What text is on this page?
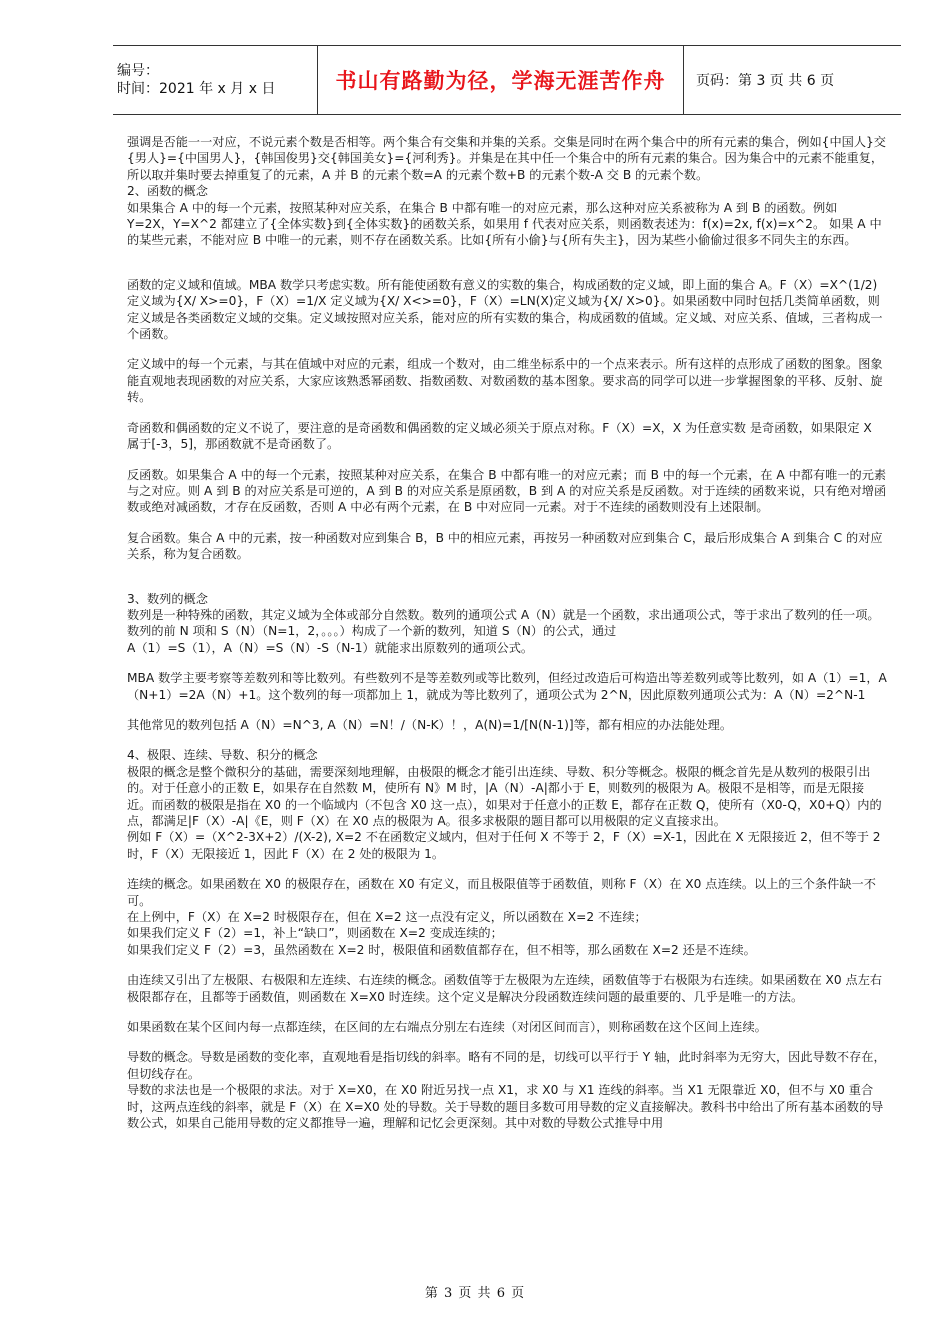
编号：
时间：2021 年 x 月 x 日	书山有路勤为径，学海无涯苦作舟	页码：第 3 页 共 6 页

强调是否能一一对应，不说元素个数是否相等。两个集合有交集和并集的关系。交集是同时在两个集合中的所有元素的集合，例如{中国人}交{男人}={中国男人}，{韩国俊男}交{韩国美女}={河利秀}。并集是在其中任一个集合中的所有元素的集合。因为集合中的元素不能重复，所以取并集时要去掉重复了的元素，A 并 B 的元素个数=A 的元素个数+B 的元素个数-A 交 B 的元素个数。

2、函数的概念

如果集合 A 中的每一个元素，按照某种对应关系，在集合 B 中都有唯一的对应元素，那么这种对应关系被称为 A 到 B 的函数。例如 Y=2X，Y=X^2 都建立了{全体实数}到{全体实数}的函数关系，如果用 f 代表对应关系，则函数表述为：f(x)=2x, f(x)=x^2。 如果 A 中的某些元素，不能对应 B 中唯一的元素，则不存在函数关系。比如{所有小偷}与{所有失主}，因为某些小偷偷过很多不同失主的东西。

函数的定义域和值域。MBA 数学只考虑实数。所有能使函数有意义的实数的集合，构成函数的定义域，即上面的集合 A。F（X）=X^(1/2)定义域为{X/ X>=0}，F（X）=1/X 定义域为{X/ X<>=0}，F（X）=LN(X)定义域为{X/ X>0}。如果函数中同时包括几类简单函数，则定义域是各类函数定义域的交集。定义域按照对应关系，能对应的所有实数的集合，构成函数的值域。定义域、对应关系、值域，三者构成一个函数。

定义域中的每一个元素，与其在值域中对应的元素，组成一个数对，由二维坐标系中的一个点来表示。所有这样的点形成了函数的图象。图象能直观地表现函数的对应关系，大家应该熟悉幂函数、指数函数、对数函数的基本图象。要求高的同学可以进一步掌握图象的平移、反射、旋转。

奇函数和偶函数的定义不说了，要注意的是奇函数和偶函数的定义域必须关于原点对称。F（X）=X，X 为任意实数 是奇函数，如果限定 X 属于[-3，5]，那函数就不是奇函数了。

反函数。如果集合 A 中的每一个元素，按照某种对应关系，在集合 B 中都有唯一的对应元素；而 B 中的每一个元素，在 A 中都有唯一的元素与之对应。则 A 到 B 的对应关系是可逆的，A 到 B 的对应关系是原函数，B 到 A 的对应关系是反函数。对于连续的函数来说，只有绝对增函数或绝对减函数，才存在反函数，否则 A 中必有两个元素，在 B 中对应同一元素。对于不连续的函数则没有上述限制。

复合函数。集合 A 中的元素，按一种函数对应到集合 B，B 中的相应元素，再按另一种函数对应到集合 C，最后形成集合 A 到集合 C 的对应关系，称为复合函数。

3、数列的概念

数列是一种特殊的函数，其定义域为全体或部分自然数。数列的通项公式 A（N）就是一个函数，求出通项公式，等于求出了数列的任一项。数列的前 N 项和 S（N）（N=1，2，。。。）构成了一个新的数列，知道 S（N）的公式，通过

A（1）=S（1），A（N）=S（N）-S（N-1）就能求出原数列的通项公式。

MBA 数学主要考察等差数列和等比数列。有些数列不是等差数列或等比数列，但经过改造后可构造出等差数列或等比数列，如 A（1）=1，A（N+1）=2A（N）+1。这个数列的每一项都加上 1，就成为等比数列了，通项公式为 2^N，因此原数列通项公式为：A（N）=2^N-1

其他常见的数列包括 A（N）=N^3, A（N）=N！/（N-K）！，A(N)=1/[N(N-1)]等，都有相应的办法能处理。

4、极限、连续、导数、积分的概念

极限的概念是整个微积分的基础，需要深刻地理解，由极限的概念才能引出连续、导数、积分等概念。极限的概念首先是从数列的极限引出的。对于任意小的正数 E，如果存在自然数 M，使所有 N》M 时，|A（N）-A|都小于 E，则数列的极限为 A。极限不是相等，而是无限接近。而函数的极限是指在 X0 的一个临域内（不包含 X0 这一点），如果对于任意小的正数 E，都存在正数 Q，使所有（X0-Q，X0+Q）内的点，都满足|F（X）-A|《E，则 F（X）在 X0 点的极限为 A。很多求极限的题目都可以用极限的定义直接求出。

例如 F（X）=（X^2-3X+2）/(X-2), X=2 不在函数定义域内，但对于任何 X 不等于 2，F（X）=X-1，因此在 X 无限接近 2，但不等于 2 时，F（X）无限接近 1，因此 F（X）在 2 处的极限为 1。

连续的概念。如果函数在 X0 的极限存在，函数在 X0 有定义，而且极限值等于函数值，则称 F（X）在 X0 点连续。以上的三个条件缺一不可。

在上例中，F（X）在 X=2 时极限存在，但在 X=2 这一点没有定义，所以函数在 X=2 不连续；

如果我们定义 F（2）=1，补上“缺口”，则函数在 X=2 变成连续的；

如果我们定义 F（2）=3，虽然函数在 X=2 时，极限值和函数值都存在，但不相等，那么函数在 X=2 还是不连续。

由连续又引出了左极限、右极限和左连续、右连续的概念。函数值等于左极限为左连续，函数值等于右极限为右连续。如果函数在 X0 点左右极限都存在，且都等于函数值，则函数在 X=X0 时连续。这个定义是解决分段函数连续问题的最重要的、几乎是唯一的方法。

如果函数在某个区间内每一点都连续，在区间的左右端点分别左右连续（对闭区间而言），则称函数在这个区间上连续。

导数的概念。导数是函数的变化率，直观地看是指切线的斜率。略有不同的是，切线可以平行于 Y 轴，此时斜率为无穷大，因此导数不存在，但切线存在。

导数的求法也是一个极限的求法。对于 X=X0，在 X0 附近另找一点 X1，求 X0 与 X1 连线的斜率。当 X1 无限靠近 X0，但不与 X0 重合时，这两点连线的斜率，就是 F（X）在 X=X0 处的导数。关于导数的题目多数可用导数的定义直接解决。教科书中给出了所有基本函数的导数公式，如果自己能用导数的定义都推导一遍，理解和记忆会更深刻。其中对数的导数公式推导中用

第 3 页 共 6 页
